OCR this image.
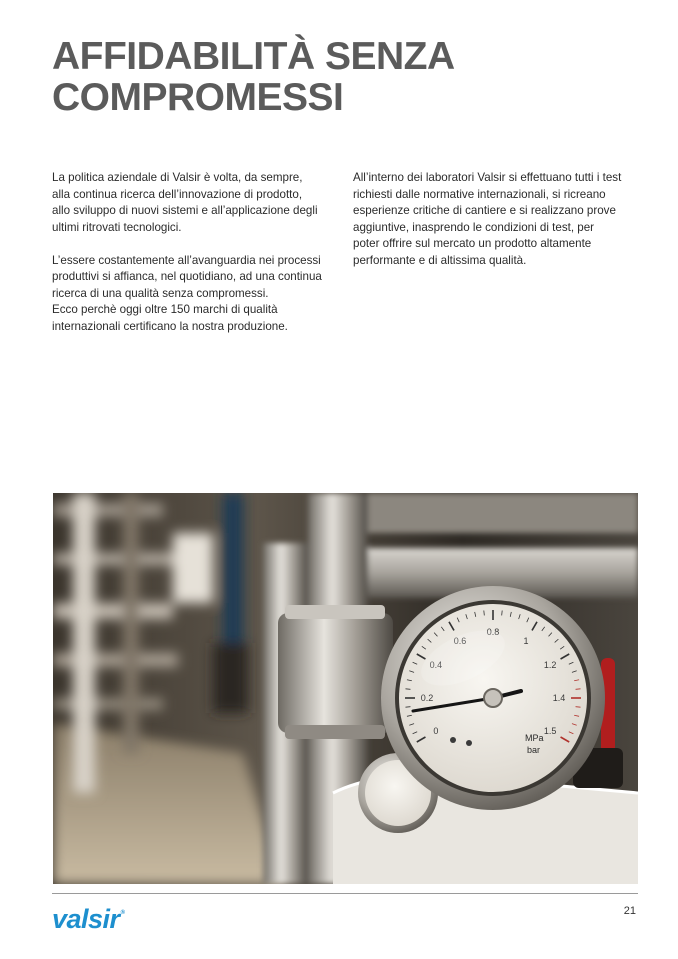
AFFIDABILITÀ SENZA
COMPROMESSI

La politica aziendale di Valsir è volta, da sempre,
alla continua ricerca dell’innovazione di prodotto,
allo sviluppo di nuovi sistemi e all’applicazione degli
ultimi ritrovati tecnologici.

L’essere costantemente all’avanguardia nei processi
produttivi si affianca, nel quotidiano, ad una continua
ricerca di una qualità senza compromessi.
Ecco perchè oggi oltre 150 marchi di qualità
internazionali certificano la nostra produzione.

All’interno dei laboratori Valsir si effettuano tutti i test
richiesti dalle normative internazionali, si ricreano
esperienze critiche di cantiere e si realizzano prove
aggiuntive, inasprendo le condizioni di test, per
poter offrire sul mercato un prodotto altamente
performante e di altissima qualità.

0
0.2
0.4
0.6
0.8
1
1.2
1.4
1.5
MPa
bar
valsir®	21
